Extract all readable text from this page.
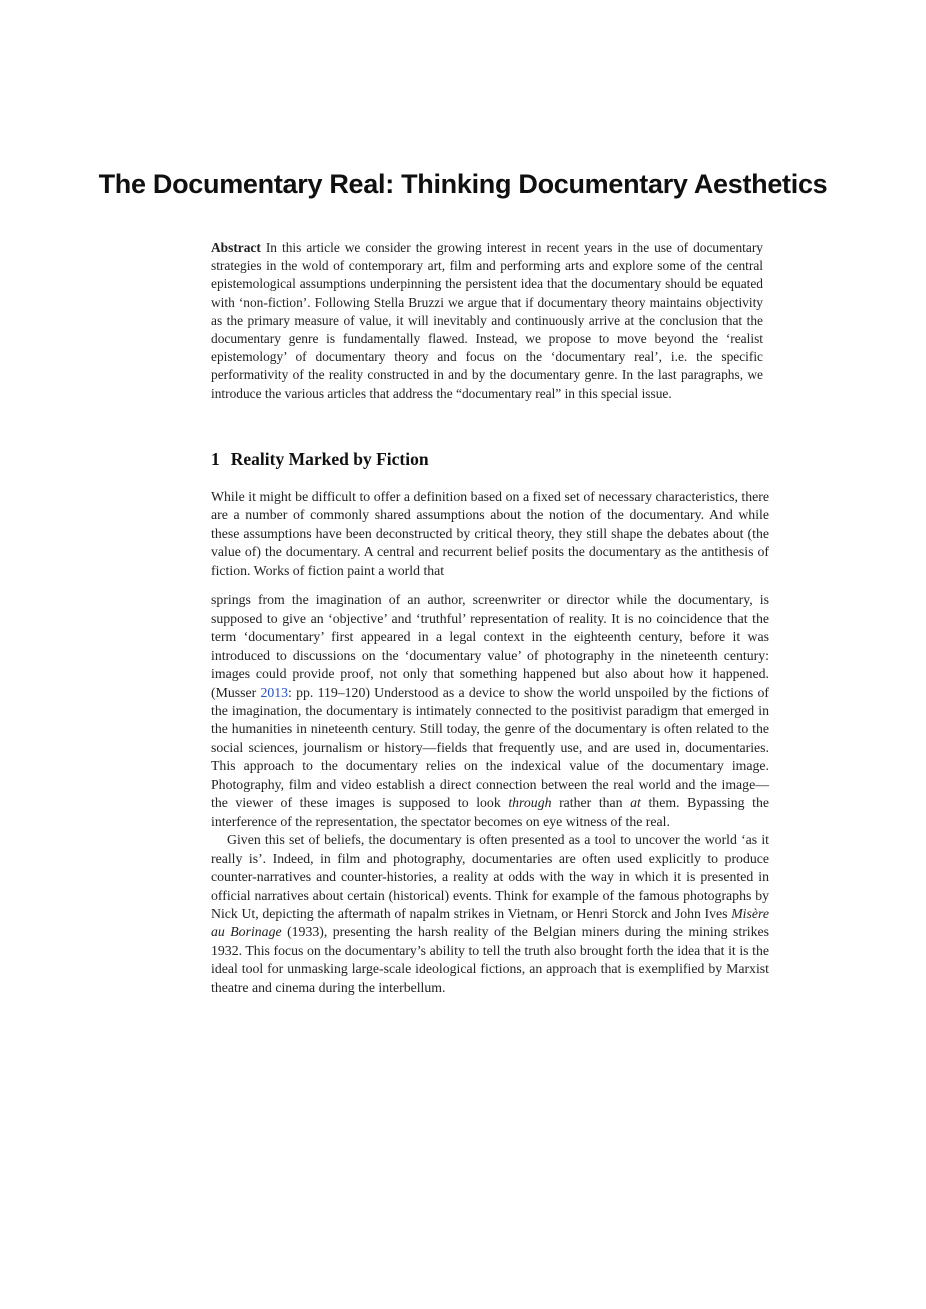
The Documentary Real: Thinking Documentary Aesthetics

Abstract In this article we consider the growing interest in recent years in the use of documentary strategies in the wold of contemporary art, film and performing arts and explore some of the central epistemological assumptions underpinning the persistent idea that the documentary should be equated with ‘non-fiction’. Following Stella Bruzzi we argue that if documentary theory maintains objectivity as the primary measure of value, it will inevitably and continuously arrive at the conclusion that the documentary genre is fundamentally flawed. Instead, we propose to move beyond the ‘realist epistemology’ of documentary theory and focus on the ‘documentary real’, i.e. the specific performativity of the reality constructed in and by the documentary genre. In the last paragraphs, we introduce the various articles that address the “documentary real” in this special issue.

1 Reality Marked by Fiction

While it might be difficult to offer a definition based on a fixed set of necessary characteristics, there are a number of commonly shared assumptions about the notion of the documentary. And while these assumptions have been deconstructed by critical theory, they still shape the debates about (the value of) the documentary. A central and recurrent belief posits the documentary as the antithesis of fiction. Works of fiction paint a world that

springs from the imagination of an author, screenwriter or director while the documentary, is supposed to give an ‘objective’ and ‘truthful’ representation of reality. It is no coincidence that the term ‘documentary’ first appeared in a legal context in the eighteenth century, before it was introduced to discussions on the ‘documentary value’ of photography in the nineteenth century: images could provide proof, not only that something happened but also about how it happened. (Musser 2013: pp. 119–120) Understood as a device to show the world unspoiled by the fictions of the imagination, the documentary is intimately connected to the positivist paradigm that emerged in the humanities in nineteenth century. Still today, the genre of the documentary is often related to the social sciences, journalism or history—fields that frequently use, and are used in, documentaries. This approach to the documentary relies on the indexical value of the documentary image. Photography, film and video establish a direct connection between the real world and the image—the viewer of these images is supposed to look through rather than at them. Bypassing the interference of the representation, the spectator becomes on eye witness of the real.

Given this set of beliefs, the documentary is often presented as a tool to uncover the world ‘as it really is’. Indeed, in film and photography, documentaries are often used explicitly to produce counter-narratives and counter-histories, a reality at odds with the way in which it is presented in official narratives about certain (historical) events. Think for example of the famous photographs by Nick Ut, depicting the aftermath of napalm strikes in Vietnam, or Henri Storck and John Ives Misère au Borinage (1933), presenting the harsh reality of the Belgian miners during the mining strikes 1932. This focus on the documentary’s ability to tell the truth also brought forth the idea that it is the ideal tool for unmasking large-scale ideological fictions, an approach that is exemplified by Marxist theatre and cinema during the interbellum.
